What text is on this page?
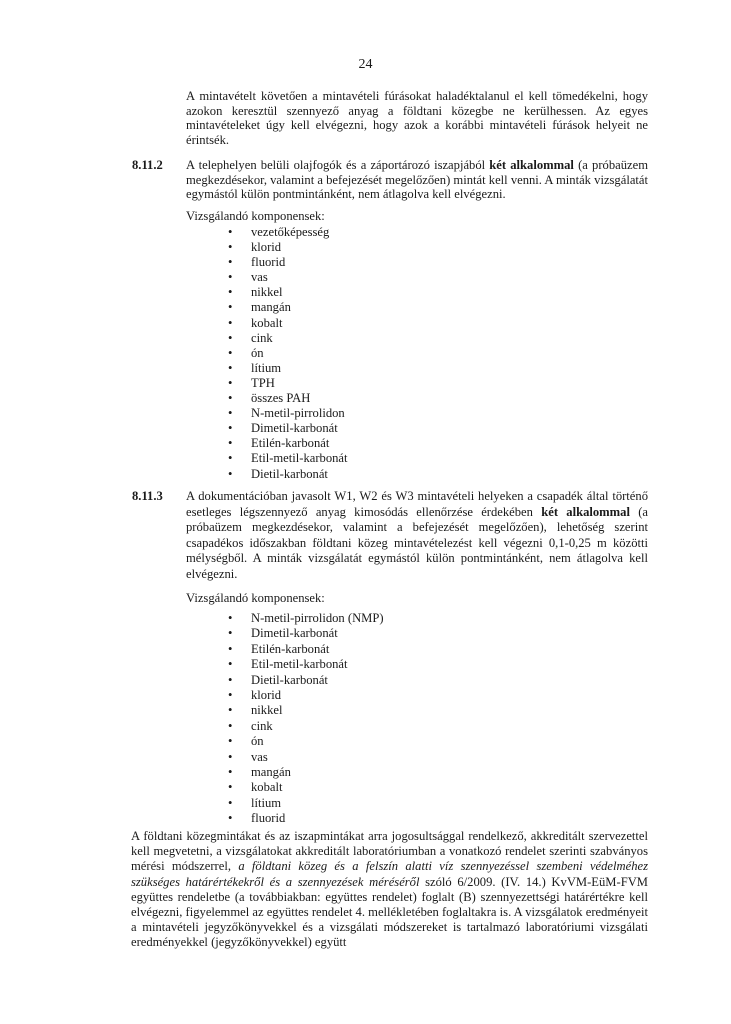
24

A mintavételt követően a mintavételi fúrásokat haladéktalanul el kell tömedékelni, hogy azokon keresztül szennyező anyag a földtani közegbe ne kerülhessen. Az egyes mintavételeket úgy kell elvégezni, hogy azok a korábbi mintavételi fúrások helyeit ne érintsék.

8.11.2 A telephelyen belüli olajfogók és a záportározó iszapjából két alkalommal (a próbaüzem megkezdésekor, valamint a befejezését megelőzően) mintát kell venni. A minták vizsgálatát egymástól külön pontmintánként, nem átlagolva kell elvégezni.

Vizsgálandó komponensek:
• vezetőképesség
• klorid
• fluorid
• vas
• nikkel
• mangán
• kobalt
• cink
• ón
• lítium
• TPH
• összes PAH
• N-metil-pirrolidon
• Dimetil-karbonát
• Etilén-karbonát
• Etil-metil-karbonát
• Dietil-karbonát
8.11.3 A dokumentációban javasolt W1, W2 és W3 mintavételi helyeken a csapadék által történő esetleges légszennyező anyag kimosódás ellenőrzése érdekében két alkalommal (a próbaüzem megkezdésekor, valamint a befejezését megelőzően), lehetőség szerint csapadékos időszakban földtani közeg mintavételezést kell végezni 0,1-0,25 m közötti mélységből. A minták vizsgálatát egymástól külön pontmintánként, nem átlagolva kell elvégezni.

Vizsgálandó komponensek:
• N-metil-pirrolidon (NMP)
• Dimetil-karbonát
• Etilén-karbonát
• Etil-metil-karbonát
• Dietil-karbonát
• klorid
• nikkel
• cink
• ón
• vas
• mangán
• kobalt
• lítium
• fluorid

A földtani közegmintákat és az iszapmintákat arra jogosultsággal rendelkező, akkreditált szervezettel kell megvetetni, a vizsgálatokat akkreditált laboratóriumban a vonatkozó rendelet szerinti szabványos mérési módszerrel, a földtani közeg és a felszín alatti víz szennyezéssel szembeni védelméhez szükséges határértékekről és a szennyezések méréséről szóló 6/2009. (IV. 14.) KvVM-EüM-FVM együttes rendeletbe (a továbbiakban: együttes rendelet) foglalt (B) szennyezettségi határértékre kell elvégezni, figyelemmel az együttes rendelet 4. mellékletében foglaltakra is. A vizsgálatok eredményeit a mintavételi jegyzőkönyvekkel és a vizsgálati módszereket is tartalmazó laboratóriumi vizsgálati eredményekkel (jegyzőkönyvekkel) együtt
